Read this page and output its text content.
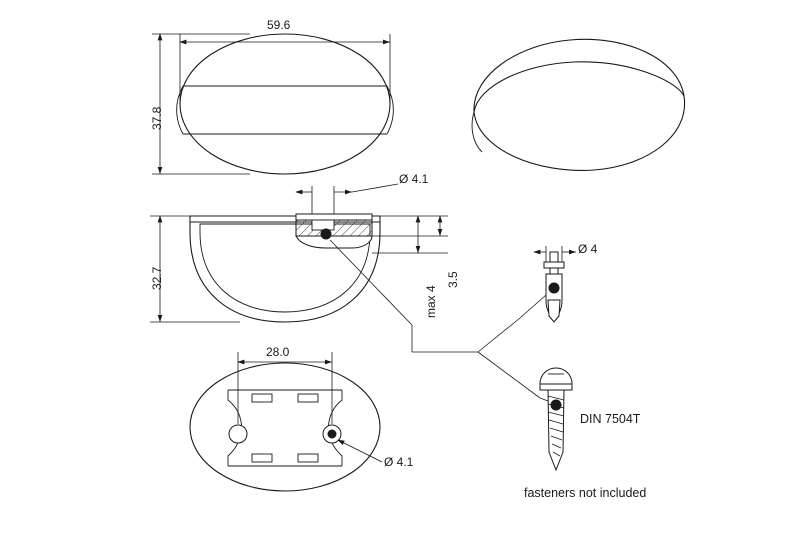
59.6
37.8
32.7
28.0
Ø 4.1
Ø 4.1
Ø 4
max 4
3.5
DIN 7504T
fasteners not included
